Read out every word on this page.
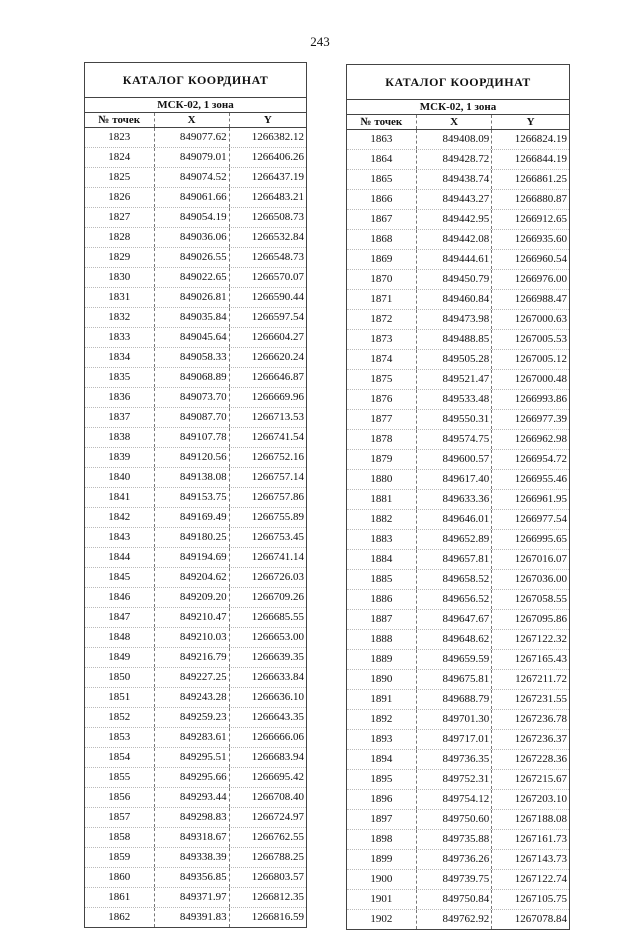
243
КАТАЛОГ КООРДИНАТ
МСК-02, 1 зона
№ точек	X	Y
1823	849077.62	1266382.12
1824	849079.01	1266406.26
1825	849074.52	1266437.19
1826	849061.66	1266483.21
1827	849054.19	1266508.73
1828	849036.06	1266532.84
1829	849026.55	1266548.73
1830	849022.65	1266570.07
1831	849026.81	1266590.44
1832	849035.84	1266597.54
1833	849045.64	1266604.27
1834	849058.33	1266620.24
1835	849068.89	1266646.87
1836	849073.70	1266669.96
1837	849087.70	1266713.53
1838	849107.78	1266741.54
1839	849120.56	1266752.16
1840	849138.08	1266757.14
1841	849153.75	1266757.86
1842	849169.49	1266755.89
1843	849180.25	1266753.45
1844	849194.69	1266741.14
1845	849204.62	1266726.03
1846	849209.20	1266709.26
1847	849210.47	1266685.55
1848	849210.03	1266653.00
1849	849216.79	1266639.35
1850	849227.25	1266633.84
1851	849243.28	1266636.10
1852	849259.23	1266643.35
1853	849283.61	1266666.06
1854	849295.51	1266683.94
1855	849295.66	1266695.42
1856	849293.44	1266708.40
1857	849298.83	1266724.97
1858	849318.67	1266762.55
1859	849338.39	1266788.25
1860	849356.85	1266803.57
1861	849371.97	1266812.35
1862	849391.83	1266816.59
КАТАЛОГ КООРДИНАТ
МСК-02, 1 зона
№ точек	X	Y
1863	849408.09	1266824.19
1864	849428.72	1266844.19
1865	849438.74	1266861.25
1866	849443.27	1266880.87
1867	849442.95	1266912.65
1868	849442.08	1266935.60
1869	849444.61	1266960.54
1870	849450.79	1266976.00
1871	849460.84	1266988.47
1872	849473.98	1267000.63
1873	849488.85	1267005.53
1874	849505.28	1267005.12
1875	849521.47	1267000.48
1876	849533.48	1266993.86
1877	849550.31	1266977.39
1878	849574.75	1266962.98
1879	849600.57	1266954.72
1880	849617.40	1266955.46
1881	849633.36	1266961.95
1882	849646.01	1266977.54
1883	849652.89	1266995.65
1884	849657.81	1267016.07
1885	849658.52	1267036.00
1886	849656.52	1267058.55
1887	849647.67	1267095.86
1888	849648.62	1267122.32
1889	849659.59	1267165.43
1890	849675.81	1267211.72
1891	849688.79	1267231.55
1892	849701.30	1267236.78
1893	849717.01	1267236.37
1894	849736.35	1267228.36
1895	849752.31	1267215.67
1896	849754.12	1267203.10
1897	849750.60	1267188.08
1898	849735.88	1267161.73
1899	849736.26	1267143.73
1900	849739.75	1267122.74
1901	849750.84	1267105.75
1902	849762.92	1267078.84
